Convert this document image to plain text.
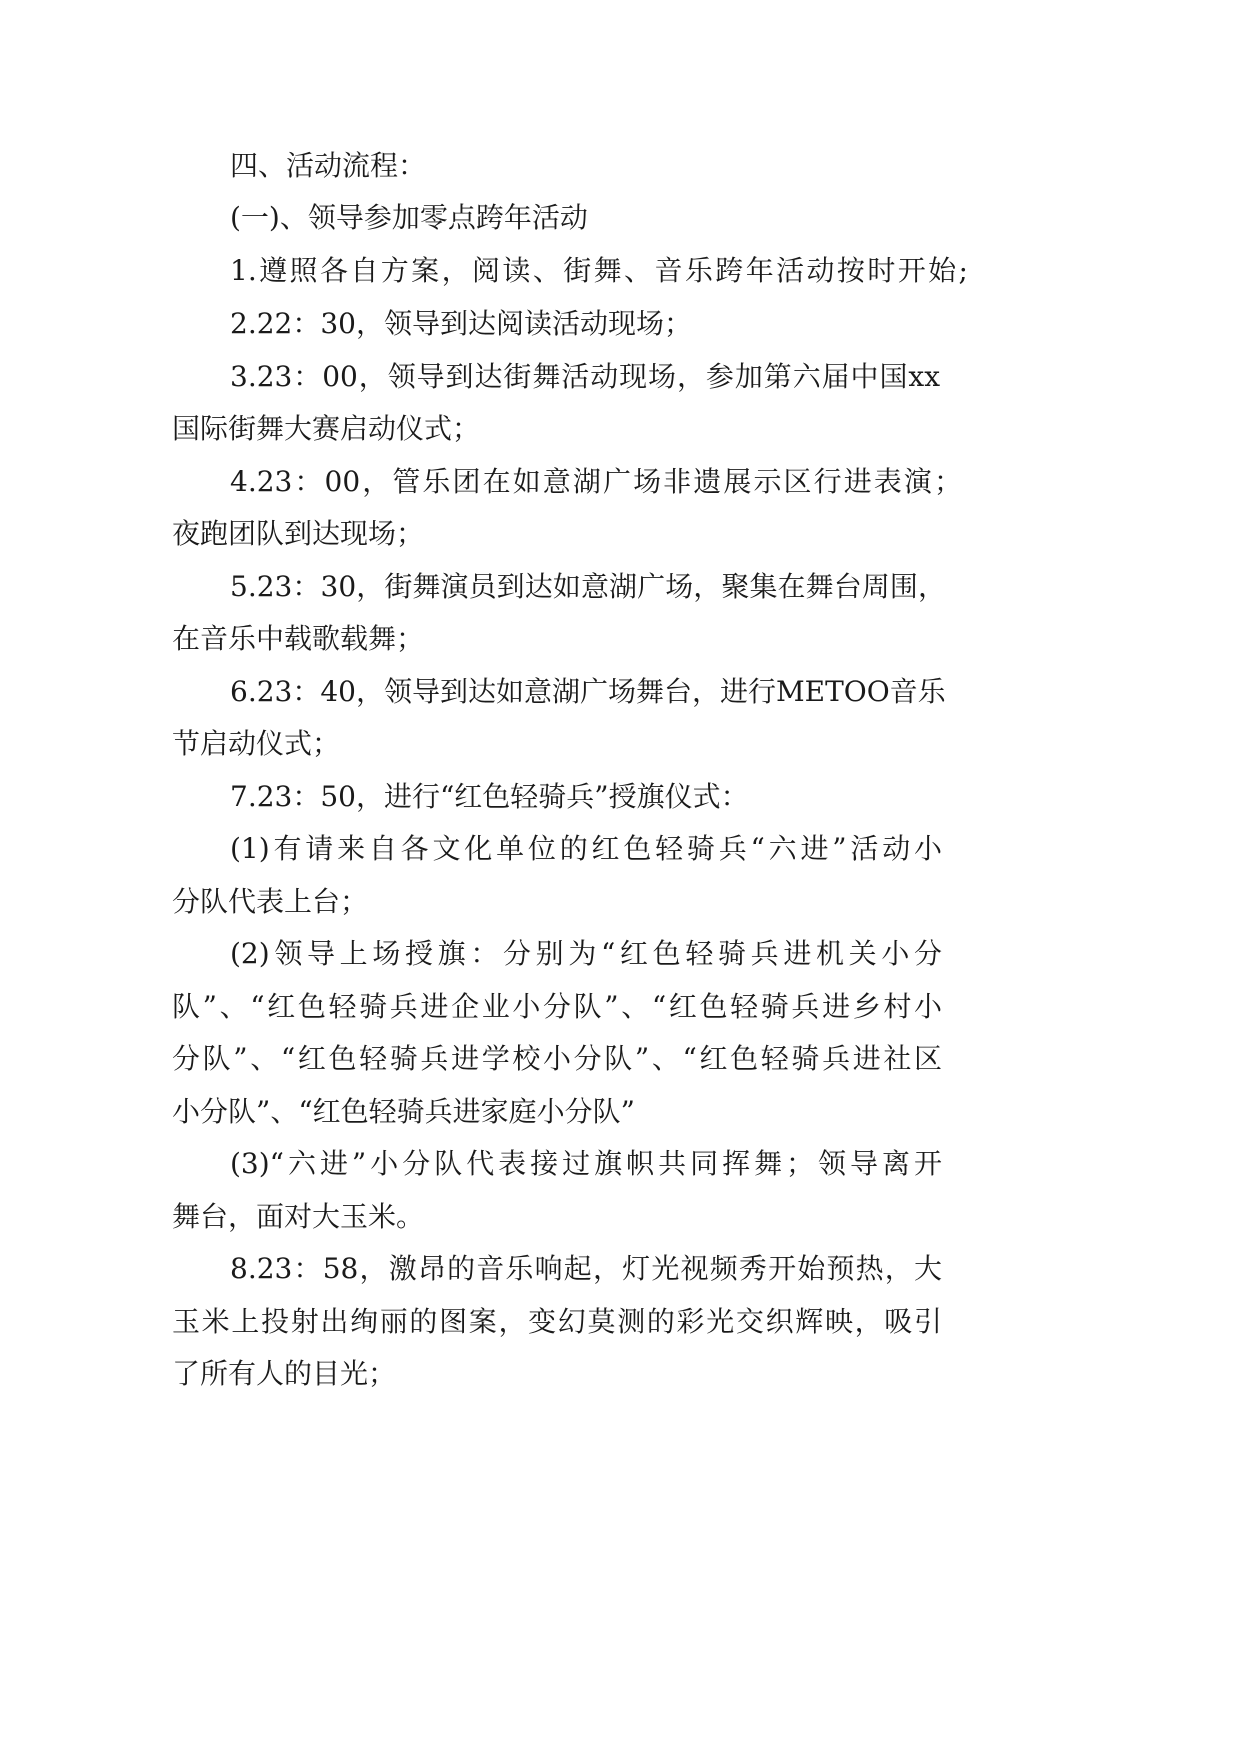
四、活动流程：

(一)、领导参加零点跨年活动

1.遵照各自方案，阅读、街舞、音乐跨年活动按时开始;

2.22：30，领导到达阅读活动现场；

3.23：00，领导到达街舞活动现场，参加第六届中国xx

国际街舞大赛启动仪式；

4.23：00，管乐团在如意湖广场非遗展示区行进表演；

夜跑团队到达现场；

5.23：30，街舞演员到达如意湖广场，聚集在舞台周围，

在音乐中载歌载舞；

6.23：40，领导到达如意湖广场舞台，进行METOO音乐

节启动仪式；

7.23：50，进行“红色轻骑兵”授旗仪式：

(1)有请来自各文化单位的红色轻骑兵“六进”活动小

分队代表上台；

(2)领导上场授旗：分别为“红色轻骑兵进机关小分

队”、“红色轻骑兵进企业小分队”、“红色轻骑兵进乡村小

分队”、“红色轻骑兵进学校小分队”、“红色轻骑兵进社区

小分队”、“红色轻骑兵进家庭小分队”

(3)“六进”小分队代表接过旗帜共同挥舞；领导离开

舞台，面对大玉米。

8.23：58，激昂的音乐响起，灯光视频秀开始预热，大

玉米上投射出绚丽的图案，变幻莫测的彩光交织辉映，吸引

了所有人的目光；
